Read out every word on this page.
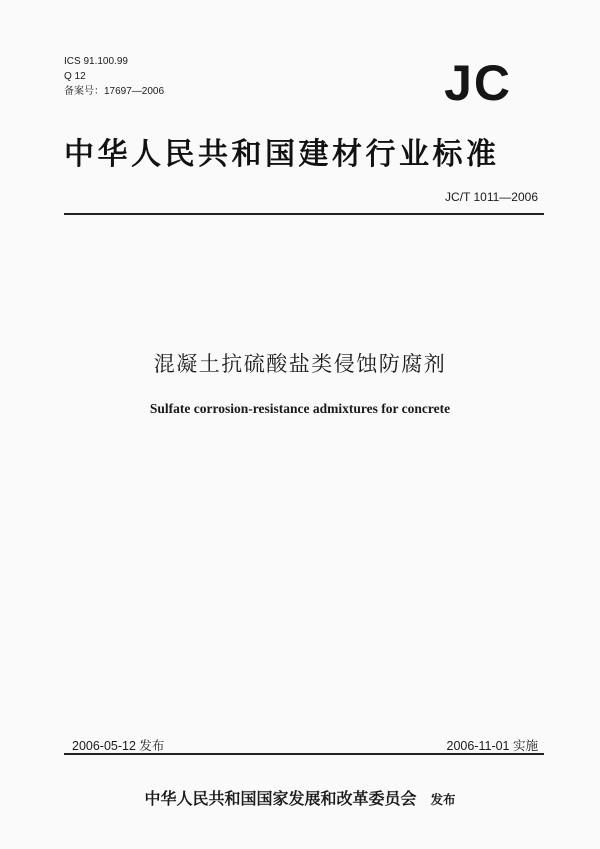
ICS 91.100.99
Q 12
备案号：17697—2006	JC
中华人民共和国建材行业标准
JC/T 1011—2006
混凝土抗硫酸盐类侵蚀防腐剂
Sulfate corrosion-resistance admixtures for concrete
2006-05-12 发布	2006-11-01 实施
中华人民共和国国家发展和改革委员会 发布
